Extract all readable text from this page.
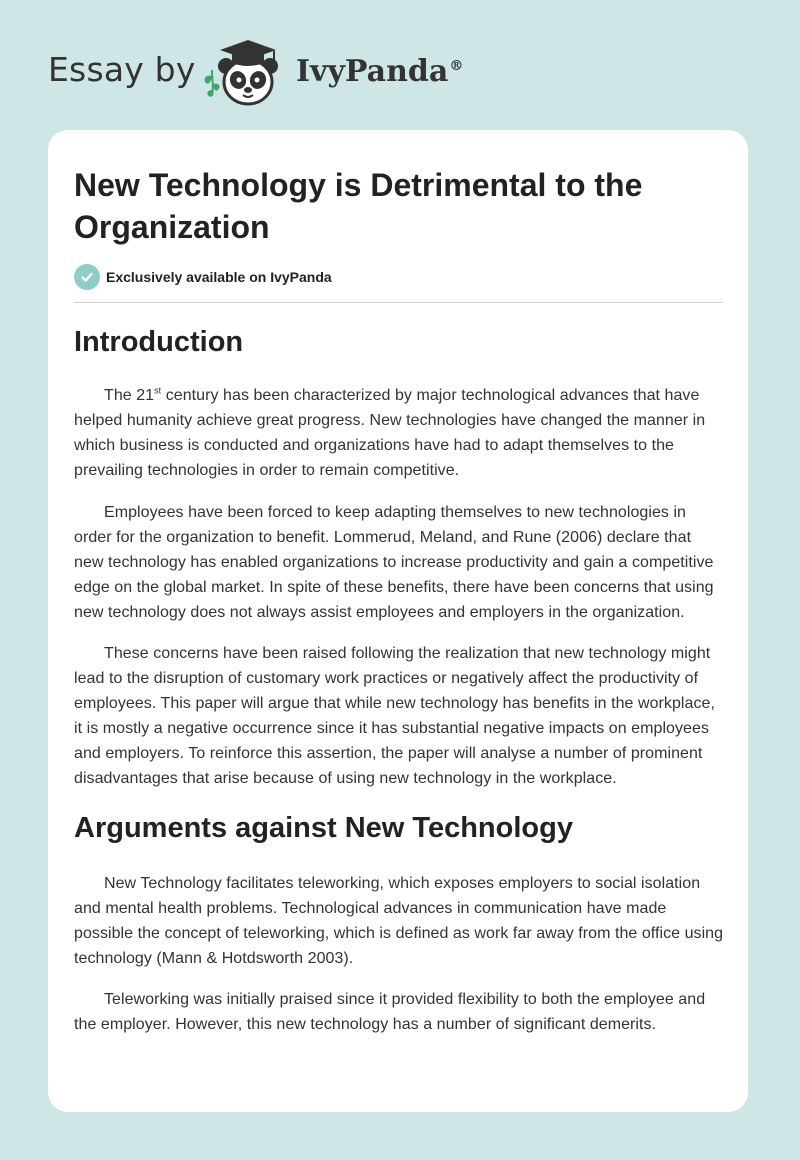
Essay by	IvyPanda®
New Technology is Detrimental to the Organization
Exclusively available on IvyPanda
Introduction

The 21st century has been characterized by major technological advances that have helped humanity achieve great progress. New technologies have changed the manner in which business is conducted and organizations have had to adapt themselves to the prevailing technologies in order to remain competitive.

Employees have been forced to keep adapting themselves to new technologies in order for the organization to benefit. Lommerud, Meland, and Rune (2006) declare that new technology has enabled organizations to increase productivity and gain a competitive edge on the global market. In spite of these benefits, there have been concerns that using new technology does not always assist employees and employers in the organization.

These concerns have been raised following the realization that new technology might lead to the disruption of customary work practices or negatively affect the productivity of employees. This paper will argue that while new technology has benefits in the workplace, it is mostly a negative occurrence since it has substantial negative impacts on employees and employers. To reinforce this assertion, the paper will analyse a number of prominent disadvantages that arise because of using new technology in the workplace.

Arguments against New Technology

New Technology facilitates teleworking, which exposes employers to social isolation and mental health problems. Technological advances in communication have made possible the concept of teleworking, which is defined as work far away from the office using technology (Mann & Hotdsworth 2003).

Teleworking was initially praised since it provided flexibility to both the employee and the employer. However, this new technology has a number of significant demerits.
